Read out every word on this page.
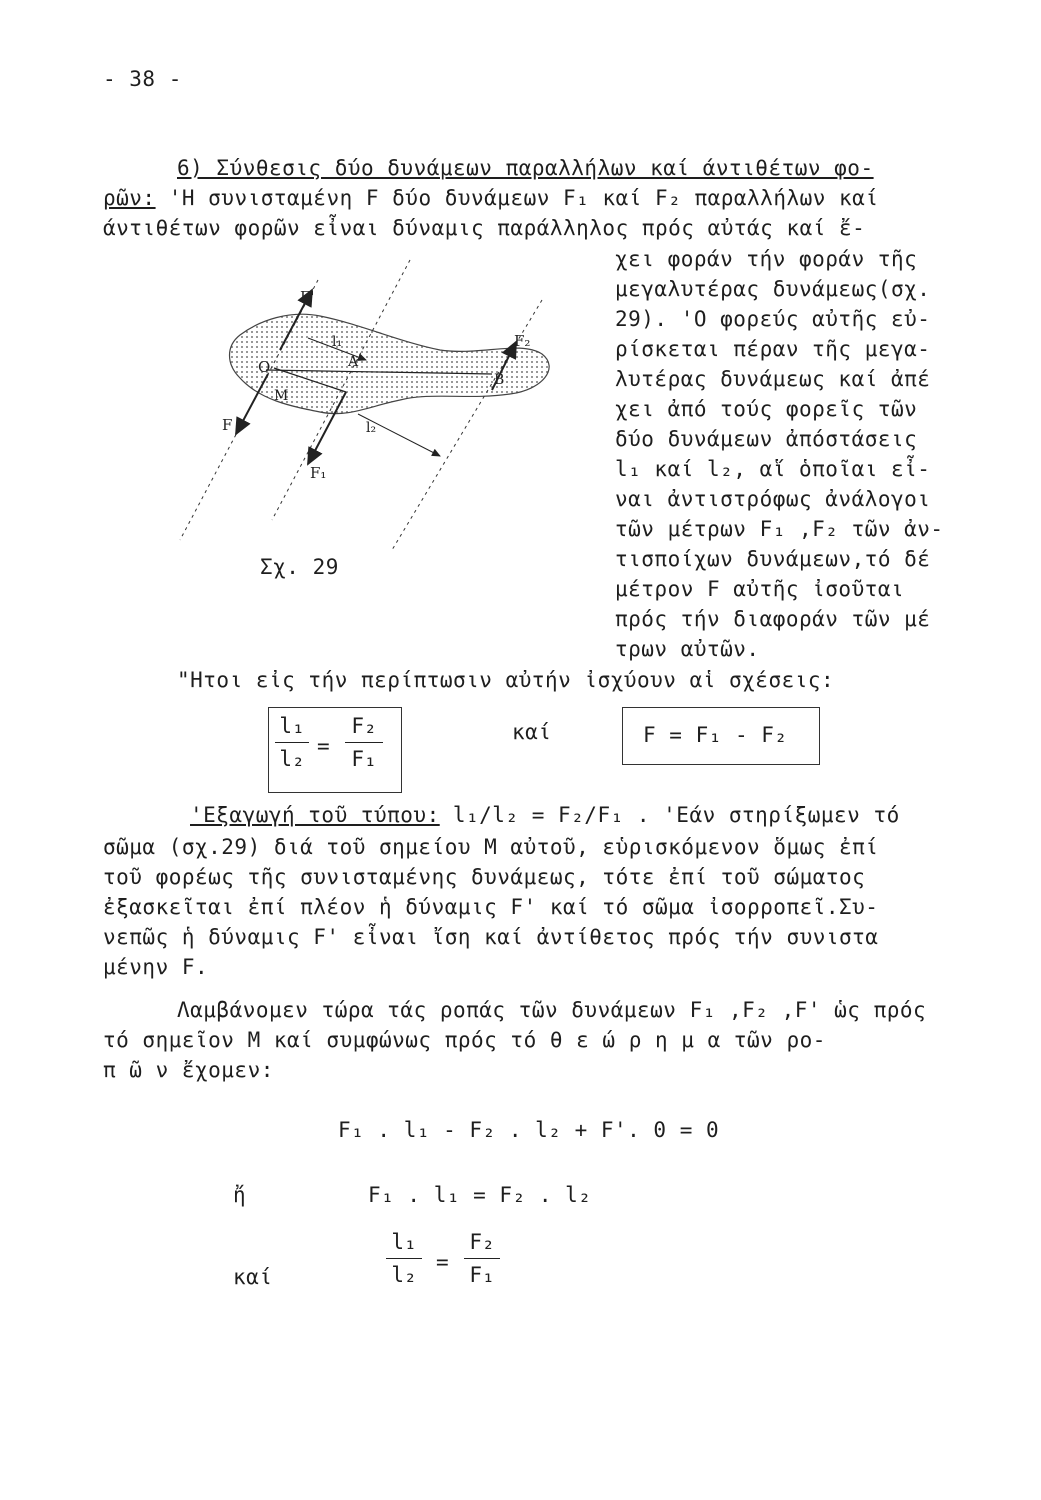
- 38 -
6) Σύνθεσις δύο δυνάμεων παραλλήλων καί άντιθέτων φο-
ρῶν: 'Η συνισταμένη F δύο δυνάμεων F₁ καί F₂ παραλλήλων καί
άντιθέτων φορῶν εἶναι δύναμις παράλληλος πρός αὐτάς καί ἔ-
χει φοράν τήν φοράν τῆς
μεγαλυτέρας δυνάμεως(σχ.
29). 'Ο φορεύς αὐτῆς εὐ-
ρίσκεται πέραν τῆς μεγα-
λυτέρας δυνάμεως καί ἀπέ
χει ἀπό τούς φορεῖς τῶν
δύο δυνάμεων ἀπόστάσεις
l₁ καί l₂, αἵ ὁποῖαι εἶ-
ναι ἀντιστρόφως ἀνάλογοι
τῶν μέτρων F₁ ,F₂ τῶν ἀν-
τισποίχων δυνάμεων,τό δέ
μέτρον F αὐτῆς ἰσοῦται
πρός τήν διαφοράν τῶν μέ
τρων αὐτῶν.
F'
F₂
O
M
A
B
F
F₁
l₁
l₂
Σχ. 29
"Ητοι εἰς τήν περίπτωσιν αὐτήν ἰσχύουν αἱ σχέσεις:
l₁
l₂
=
F₂
F₁
καί	F = F₁ - F₂
'Εξαγωγή τοῦ τύπου: l₁/l₂ = F₂/F₁ . 'Εάν στηρίξωμεν τό
σῶμα (σχ.29) διά τοῦ σημείου M αὐτοῦ, εὑρισκόμενον ὅμως ἐπί
τοῦ φορέως τῆς συνισταμένης δυνάμεως, τότε ἐπί τοῦ σώματος
ἐξασκεῖται ἐπί πλέον ἡ δύναμις F' καί τό σῶμα ἰσορροπεῖ.Συ-
νεπῶς ἡ δύναμις F' εἶναι ἴση καί ἀντίθετος πρός τήν συνιστα
μένην F.
Λαμβάνομεν τώρα τάς ροπάς τῶν δυνάμεων F₁ ,F₂ ,F' ὡς πρός
τό σημεῖον M καί συμφώνως πρός τό θ ε ώ ρ η μ α τῶν ρο-
π ῶ ν ἔχομεν:
F₁ . l₁ - F₂ . l₂ + F'. 0 = 0
ἤ	F₁ . l₁ = F₂ . l₂
καί
l₁
l₂
=
F₂
F₁
